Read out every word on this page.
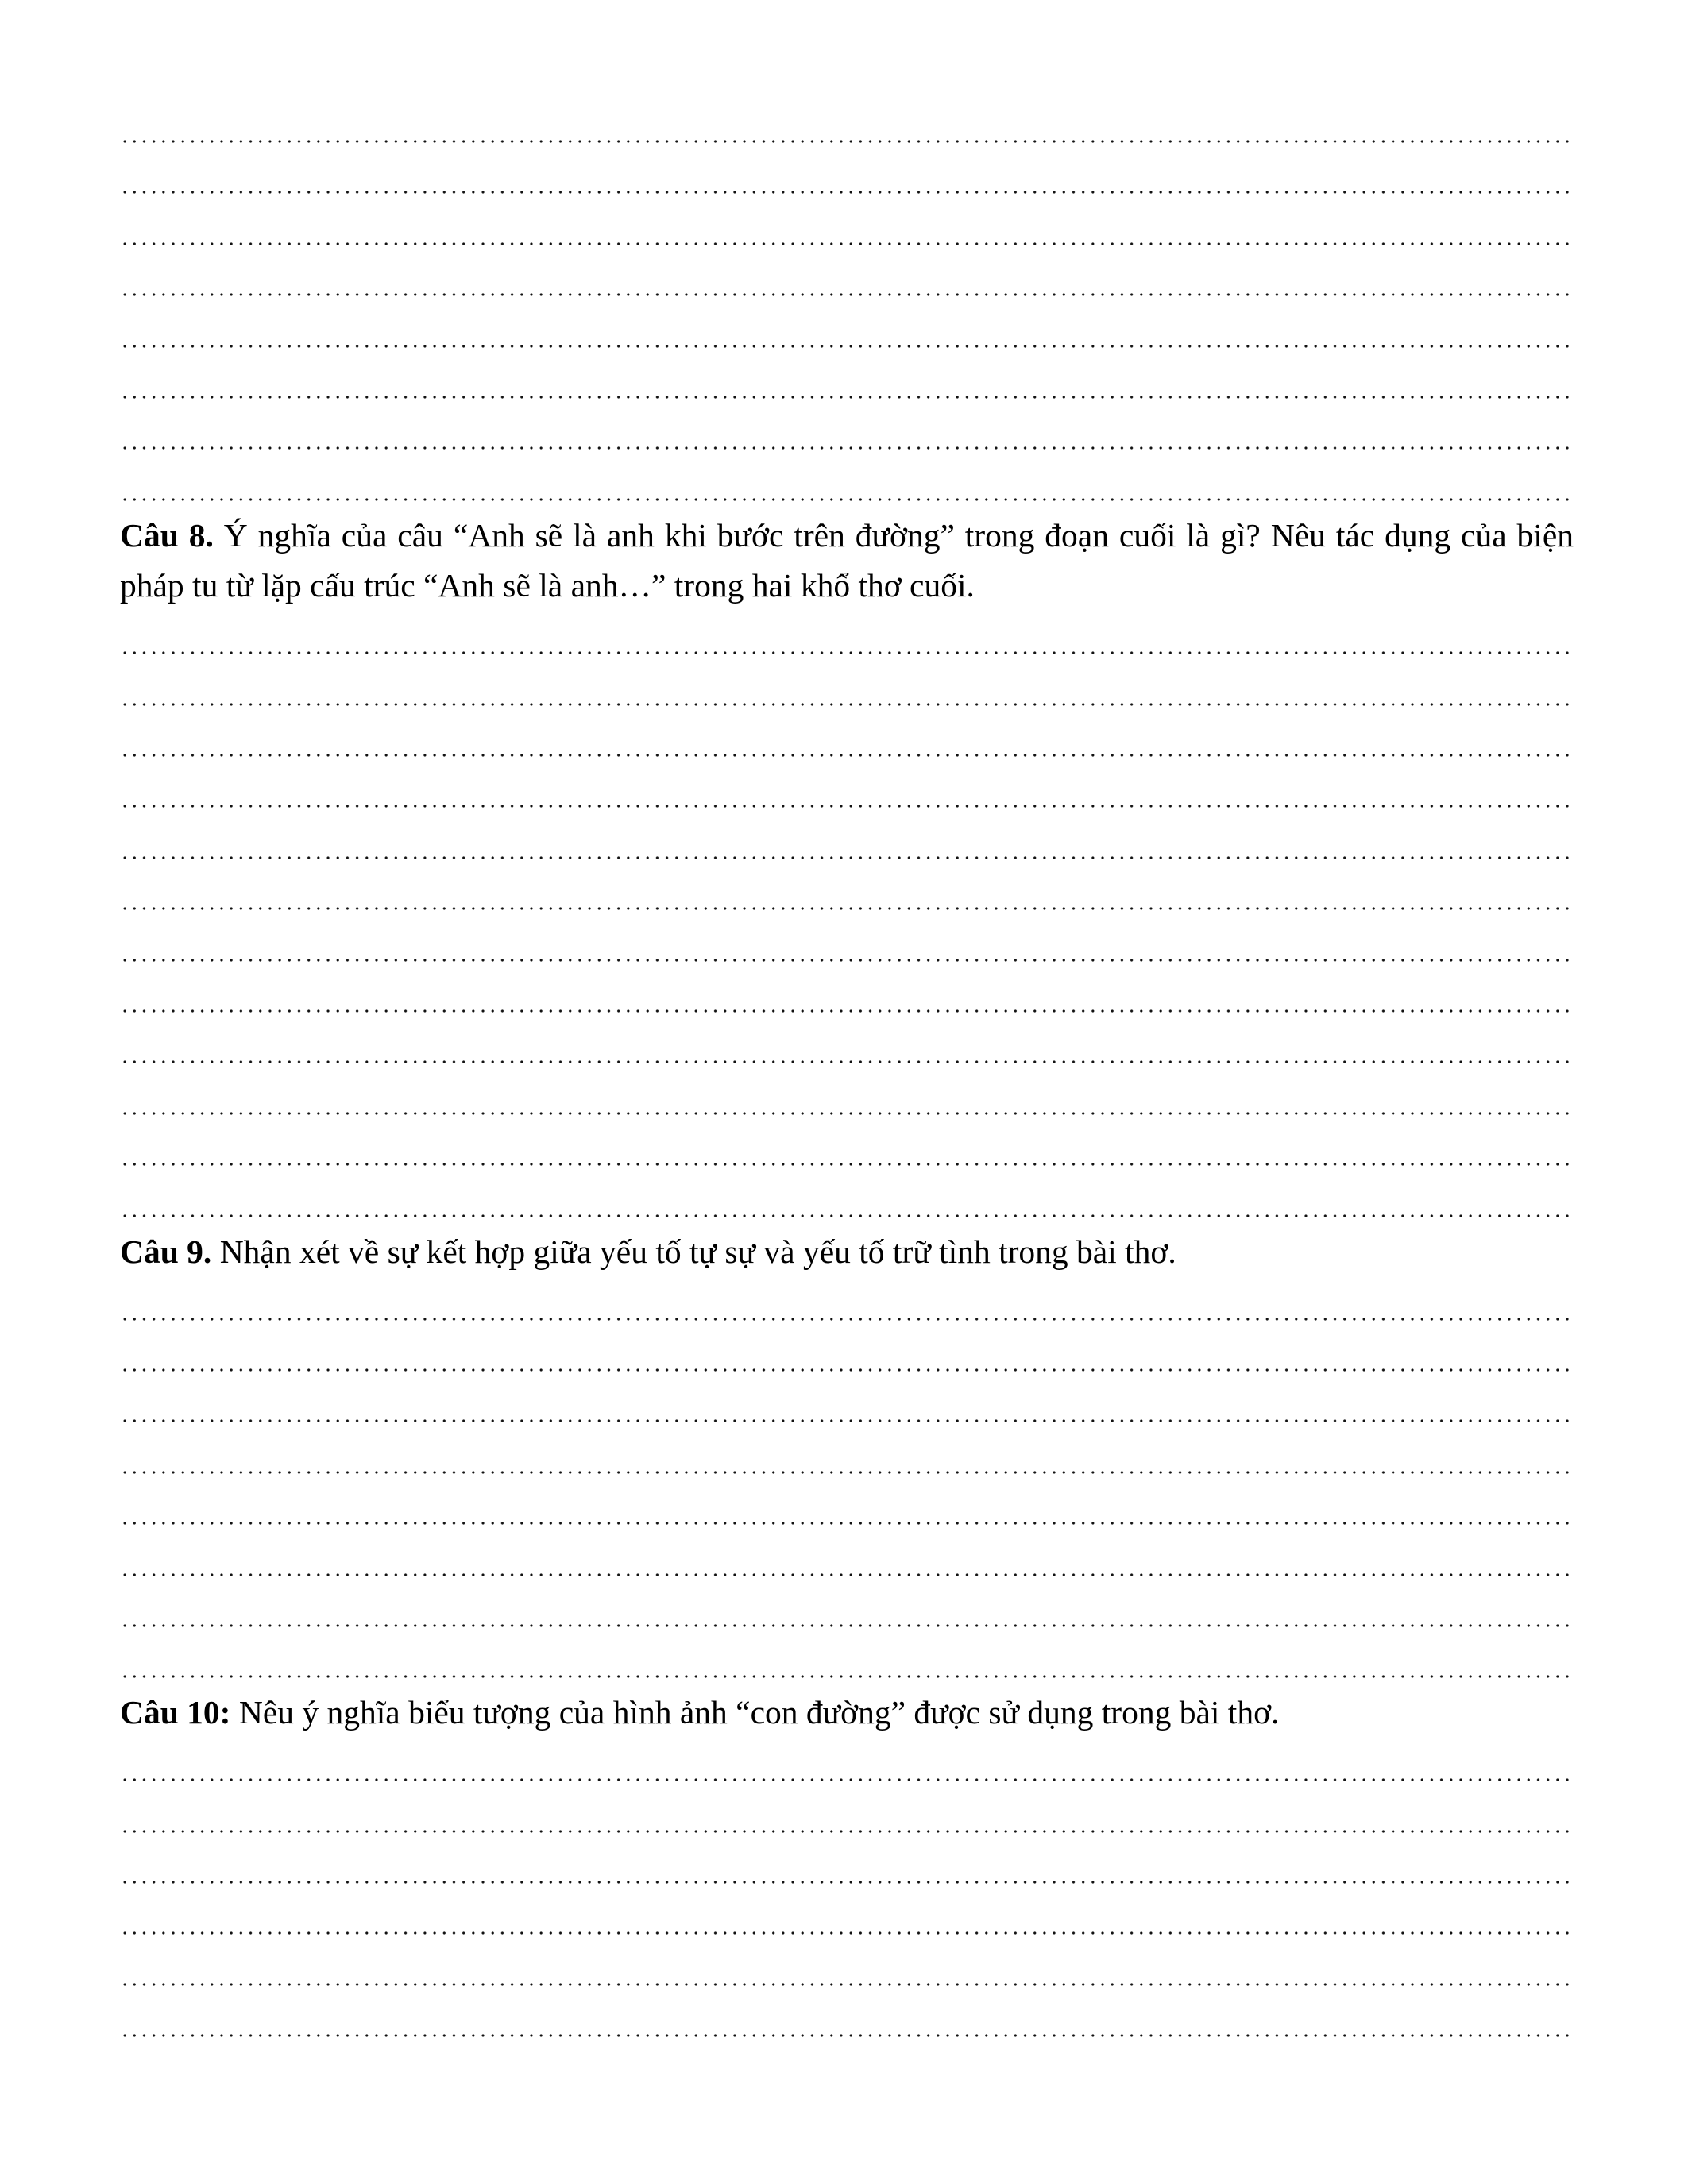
Câu 8. Ý nghĩa của câu “Anh sẽ là anh khi bước trên đường” trong đoạn cuối là gì? Nêu tác dụng của biện pháp tu từ lặp cấu trúc “Anh sẽ là anh…” trong hai khổ thơ cuối.

Câu 9. Nhận xét về sự kết hợp giữa yếu tố tự sự và yếu tố trữ tình trong bài thơ.

Câu 10: Nêu ý nghĩa biểu tượng của hình ảnh “con đường” được sử dụng trong bài thơ.
